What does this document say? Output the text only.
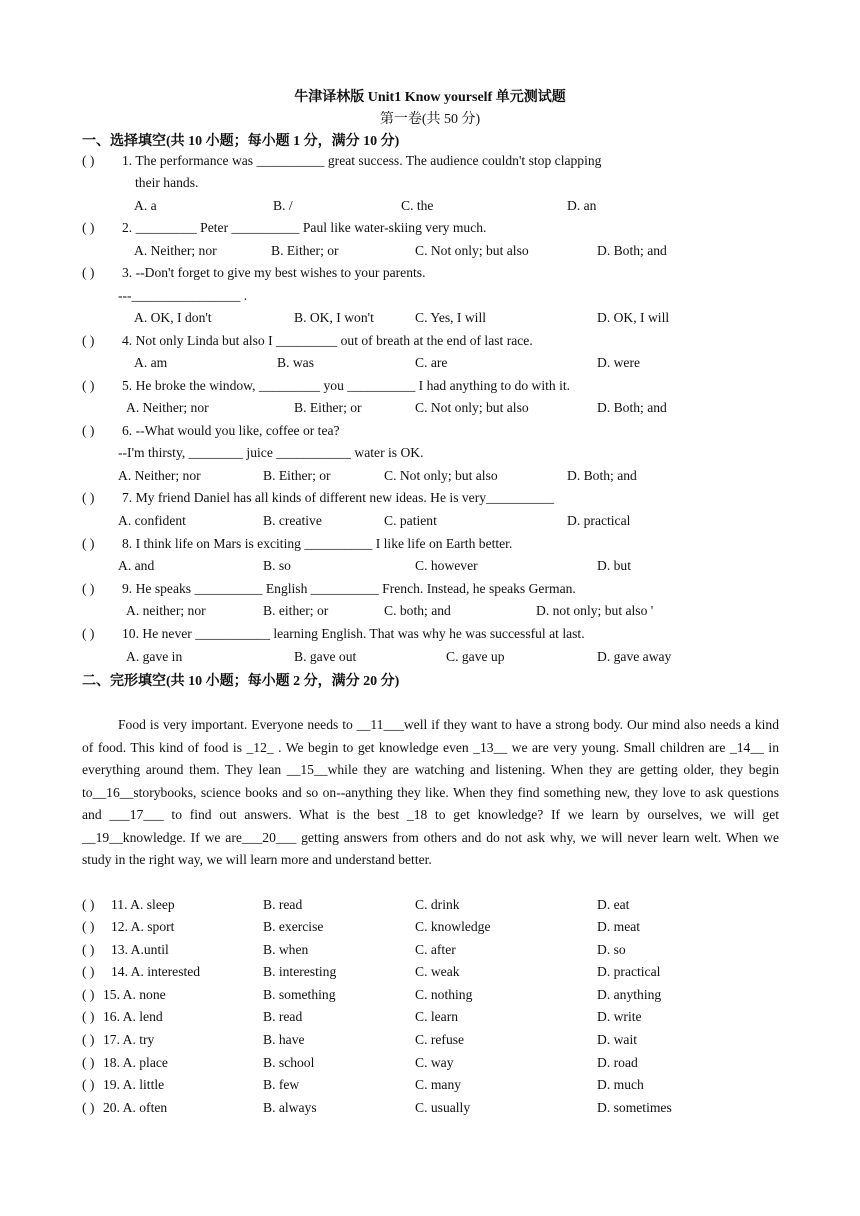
牛津译林版 Unit1 Know yourself 单元测试题
第一卷(共 50 分)
一、选择填空(共 10 小题；每小题 1 分，满分 10 分)
( ) 1. The performance was __________ great success. The audience couldn't stop clapping
their hands.
A. a	B. /	C. the	D. an
( ) 2. _________ Peter __________ Paul like water-skiing very much.
A. Neither; nor	B. Either; or	C. Not only; but also	D. Both; and
( ) 3. --Don't forget to give my best wishes to your parents.
---________________ .
A. OK, I don't	B. OK, I won't	C. Yes, I will	D. OK, I will
( ) 4. Not only Linda but also I _________ out of breath at the end of last race.
A. am	B. was	C. are	D. were
( ) 5. He broke the window, _________ you __________ I had anything to do with it.
A. Neither; nor	B. Either; or	C. Not only; but also	D. Both; and
( ) 6. --What would you like, coffee or tea?
--I'm thirsty, ________ juice ___________ water is OK.
A. Neither; nor	B. Either; or	C. Not only; but also	D. Both; and
( ) 7. My friend Daniel has all kinds of different new ideas. He is very__________
A. confident	B. creative	C. patient	D. practical
( ) 8. I think life on Mars is exciting __________ I like life on Earth better.
A. and	B. so	C. however	D. but
( ) 9. He speaks __________ English __________ French. Instead, he speaks German.
A. neither; nor	B. either; or	C. both; and	D. not only; but also '
( ) 10. He never ___________ learning English. That was why he was successful at last.
A. gave in	B. gave out	C. gave up	D. gave away
二、完形填空(共 10 小题；每小题 2 分，满分 20 分)

Food is very important. Everyone needs to __11___well if they want to have a strong body. Our mind also needs a kind of food. This kind of food is _12_ . We begin to get knowledge even _13__ we are very young. Small children are _14__ in everything around them. They lean __15__while they are watching and listening. When they are getting older, they begin to__16__storybooks, science books and so on--anything they like. When they find something new, they love to ask questions and ___17___ to find out answers. What is the best _18 to get knowledge? If we learn by ourselves, we will get __19__knowledge. If we are___20___ getting answers from others and do not ask why, we will never learn welt. When we study in the right way, we will learn more and understand better.

( ) 11. A. sleep	B. read	C. drink	D. eat
( ) 12. A. sport	B. exercise	C. knowledge	D. meat
( ) 13. A.until	B. when	C. after	D. so
( ) 14. A. interested	B. interesting	C. weak	D. practical
( ) 15. A. none	B. something	C. nothing	D. anything
( ) 16. A. lend	B. read	C. learn	D. write
( ) 17. A. try	B. have	C. refuse	D. wait
( ) 18. A. place	B. school	C. way	D. road
( ) 19. A. little	B. few	C. many	D. much
( ) 20. A. often	B. always	C. usually	D. sometimes
